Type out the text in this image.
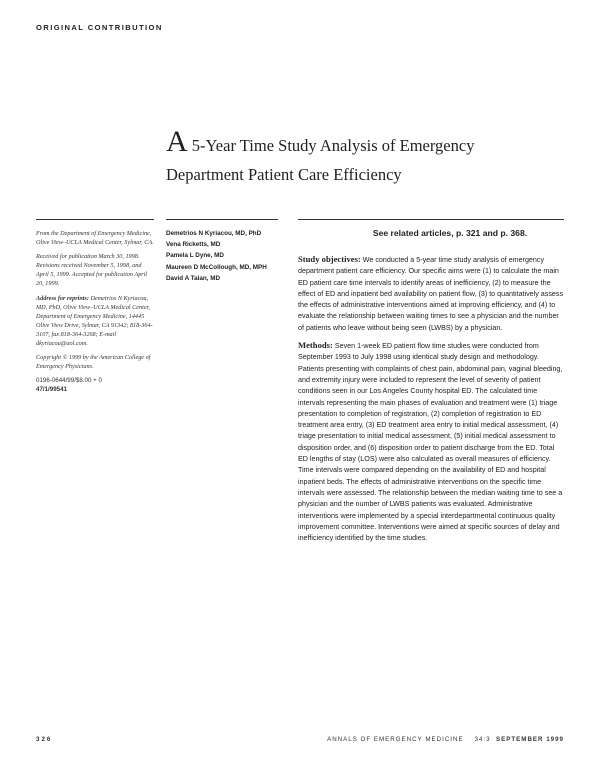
ORIGINAL CONTRIBUTION
A 5-Year Time Study Analysis of Emergency
Department Patient Care Efficiency

From the Department of Emergency Medicine, Olive View–UCLA Medical Center, Sylmar, CA.

Received for publication March 30, 1998. Revisions received November 5, 1998, and April 5, 1999. Accepted for publication April 20, 1999.

Address for reprints: Demetrios N Kyriacou, MD, PhD, Olive View–UCLA Medical Center, Department of Emergency Medicine, 14445 Olive View Drive, Sylmar, CA 91342; 818-364-3107, fax 818-364-3268; E-mail dkyriacou@aol.com.

Copyright © 1999 by the American College of Emergency Physicians.

0196-0644/99/$8.00 + 0

47/1/99541

Demetrios N Kyriacou, MD, PhD
Vena Ricketts, MD
Pamela L Dyne, MD
Maureen D McCollough, MD, MPH
David A Talan, MD
See related articles, p. 321 and p. 368.

Study objectives: We conducted a 5-year time study analysis of emergency department patient care efficiency. Our specific aims were (1) to calculate the main ED patient care time intervals to identify areas of inefficiency, (2) to measure the effect of ED and inpatient bed availability on patient flow, (3) to quantitatively assess the effects of administrative interventions aimed at improving efficiency, and (4) to evaluate the relationship between waiting times to see a physician and the number of patients who leave without being seen (LWBS) by a physician.

Methods: Seven 1-week ED patient flow time studies were conducted from September 1993 to July 1998 using identical study design and methodology. Patients presenting with complaints of chest pain, abdominal pain, vaginal bleeding, and extremity injury were included to represent the level of severity of patient conditions seen in our Los Angeles County hospital ED. The calculated time intervals representing the main phases of evaluation and treatment were (1) triage presentation to completion of registration, (2) completion of registration to ED treatment area entry, (3) ED treatment area entry to initial medical assessment, (4) triage presentation to initial medical assessment, (5) initial medical assessment to disposition order, and (6) disposition order to patient discharge from the ED. Total ED lengths of stay (LOS) were also calculated as overall measures of efficiency. Time intervals were compared depending on the availability of ED and hospital inpatient beds. The effects of administrative interventions on the specific time intervals were assessed. The relationship between the median waiting time to see a physician and the number of LWBS patients was evaluated. Administrative interventions were implemented by a special interdepartmental continuous quality improvement committee. Interventions were aimed at specific sources of delay and inefficiency identified by the time studies.

326	ANNALS OF EMERGENCY MEDICINE 34:3 SEPTEMBER 1999
